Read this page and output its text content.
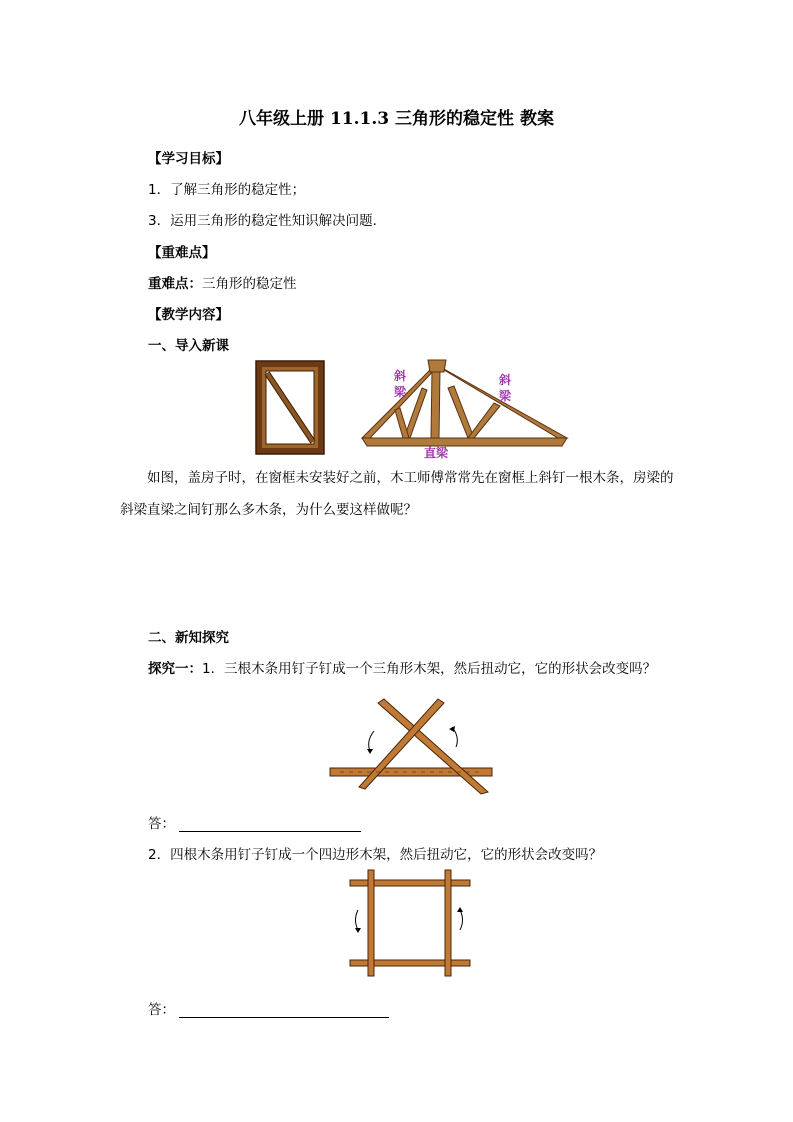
八年级上册 11.1.3 三角形的稳定性 教案
【学习目标】
1．了解三角形的稳定性；
3．运用三角形的稳定性知识解决问题．
【重难点】
重难点：三角形的稳定性
【教学内容】
一、导入新课
斜
梁
斜
梁
直梁
如图，盖房子时，在窗框未安装好之前，木工师傅常常先在窗框上斜钉一根木条，房梁的斜梁直梁之间钉那么多木条，为什么要这样做呢？
二、新知探究
探究一：1．三根木条用钉子钉成一个三角形木架，然后扭动它，它的形状会改变吗？
答：
2．四根木条用钉子钉成一个四边形木架，然后扭动它，它的形状会改变吗？
答：
